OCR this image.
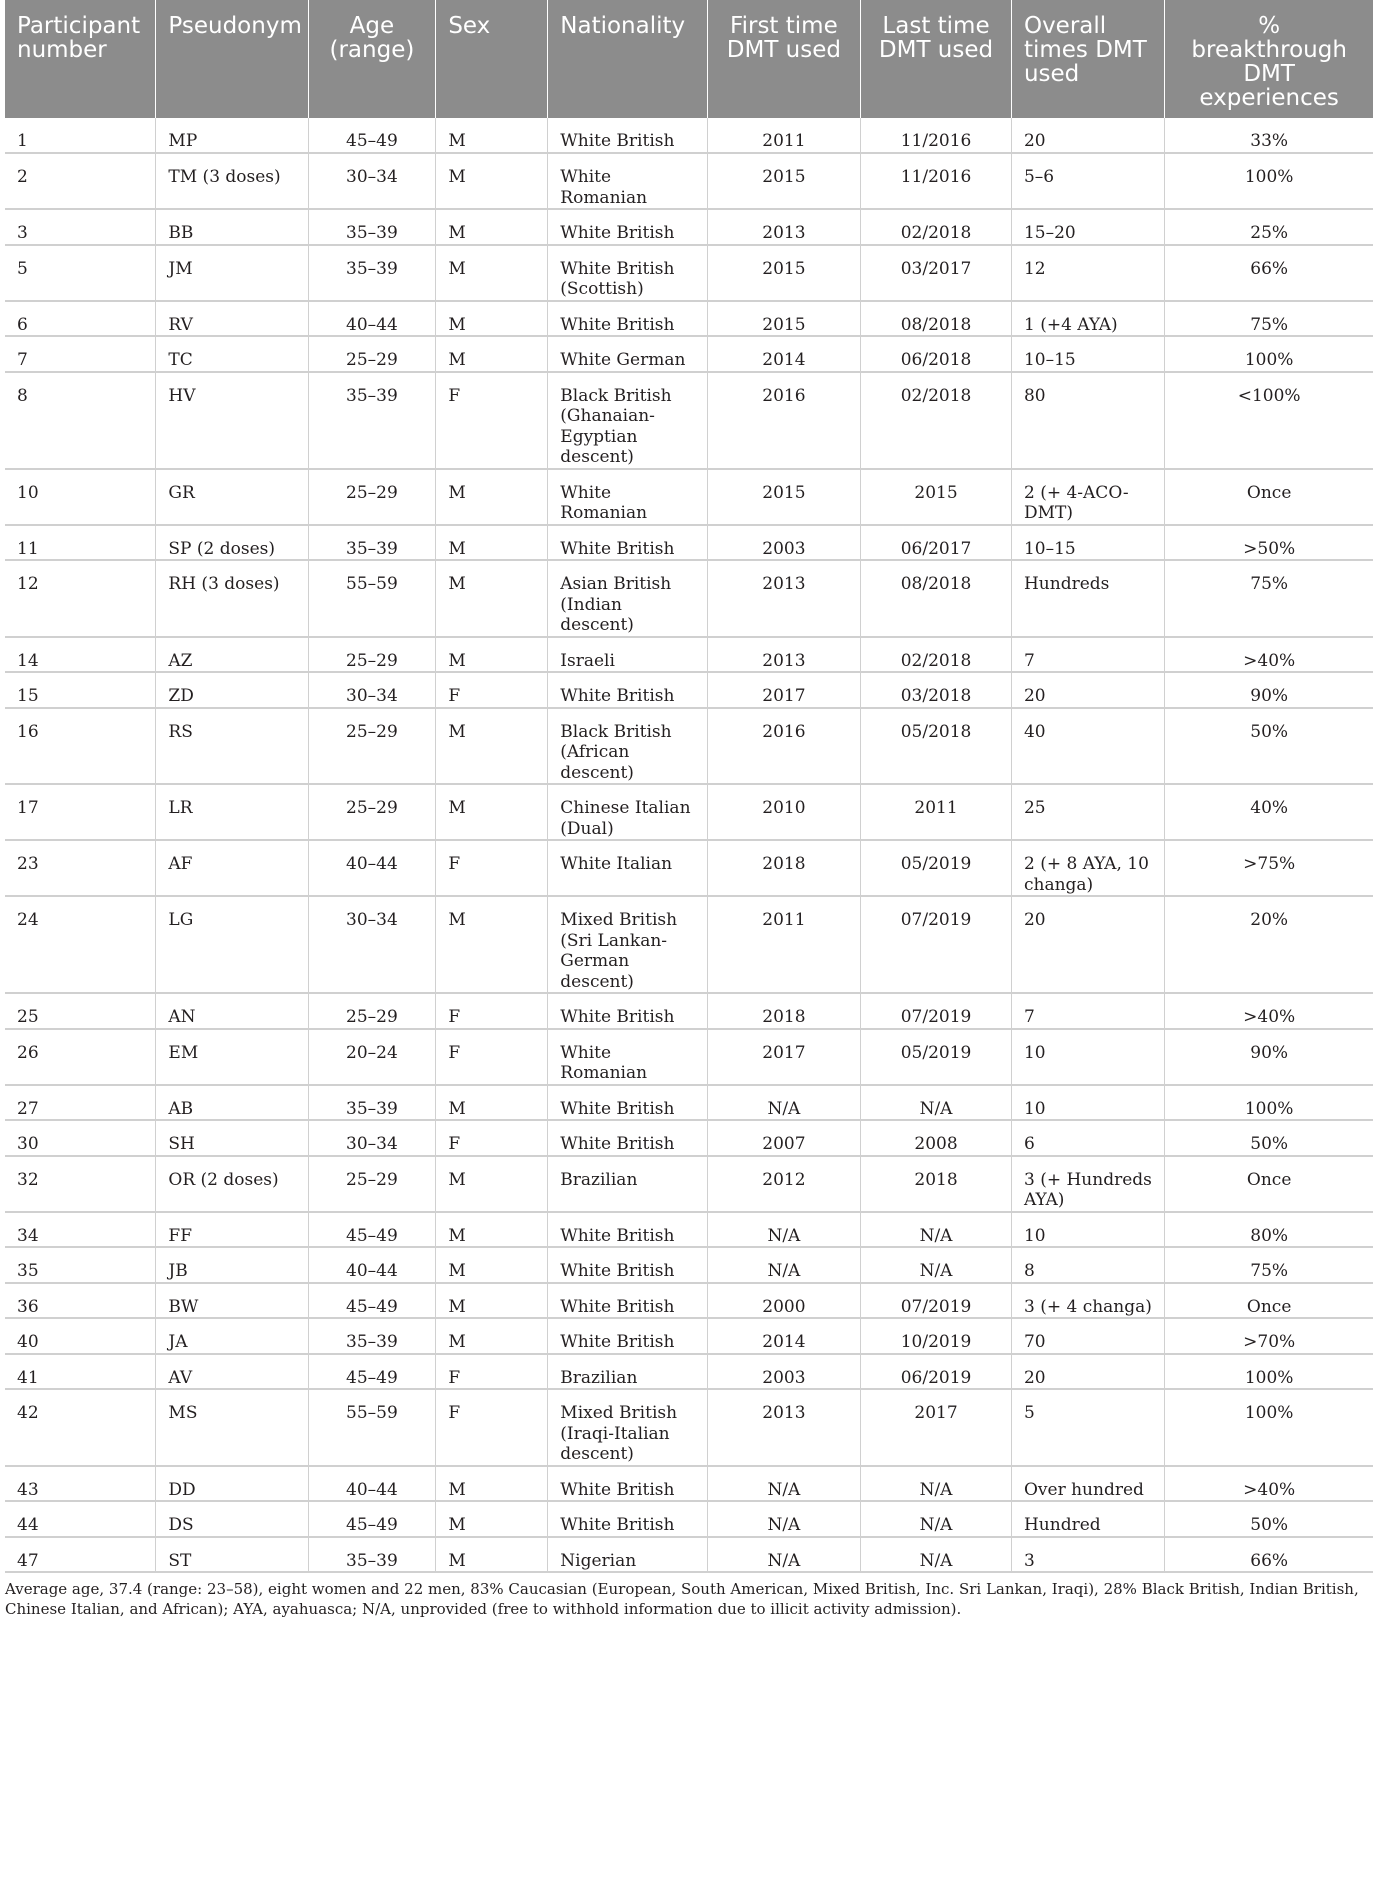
Participant number	Pseudonym	Age (range)	Sex	Nationality	First time DMT used	Last time DMT used	Overall times DMT used	% breakthrough DMT experiences
1	MP	45–49	M	White British	2011	11/2016	20	33%
2	TM (3 doses)	30–34	M	White Romanian	2015	11/2016	5–6	100%
3	BB	35–39	M	White British	2013	02/2018	15–20	25%
5	JM	35–39	M	White British (Scottish)	2015	03/2017	12	66%
6	RV	40–44	M	White British	2015	08/2018	1 (+4 AYA)	75%
7	TC	25–29	M	White German	2014	06/2018	10–15	100%
8	HV	35–39	F	Black British (Ghanaian-Egyptian descent)	2016	02/2018	80	<100%
10	GR	25–29	M	White Romanian	2015	2015	2 (+ 4-ACO-DMT)	Once
11	SP (2 doses)	35–39	M	White British	2003	06/2017	10–15	>50%
12	RH (3 doses)	55–59	M	Asian British (Indian descent)	2013	08/2018	Hundreds	75%
14	AZ	25–29	M	Israeli	2013	02/2018	7	>40%
15	ZD	30–34	F	White British	2017	03/2018	20	90%
16	RS	25–29	M	Black British (African descent)	2016	05/2018	40	50%
17	LR	25–29	M	Chinese Italian (Dual)	2010	2011	25	40%
23	AF	40–44	F	White Italian	2018	05/2019	2 (+ 8 AYA, 10 changa)	>75%
24	LG	30–34	M	Mixed British (Sri Lankan-German descent)	2011	07/2019	20	20%
25	AN	25–29	F	White British	2018	07/2019	7	>40%
26	EM	20–24	F	White Romanian	2017	05/2019	10	90%
27	AB	35–39	M	White British	N/A	N/A	10	100%
30	SH	30–34	F	White British	2007	2008	6	50%
32	OR (2 doses)	25–29	M	Brazilian	2012	2018	3 (+ Hundreds AYA)	Once
34	FF	45–49	M	White British	N/A	N/A	10	80%
35	JB	40–44	M	White British	N/A	N/A	8	75%
36	BW	45–49	M	White British	2000	07/2019	3 (+ 4 changa)	Once
40	JA	35–39	M	White British	2014	10/2019	70	>70%
41	AV	45–49	F	Brazilian	2003	06/2019	20	100%
42	MS	55–59	F	Mixed British (Iraqi-Italian descent)	2013	2017	5	100%
43	DD	40–44	M	White British	N/A	N/A	Over hundred	>40%
44	DS	45–49	M	White British	N/A	N/A	Hundred	50%
47	ST	35–39	M	Nigerian	N/A	N/A	3	66%
Average age, 37.4 (range: 23–58), eight women and 22 men, 83% Caucasian (European, South American, Mixed British, Inc. Sri Lankan, Iraqi), 28% Black British, Indian British, Chinese Italian, and African); AYA, ayahuasca; N/A, unprovided (free to withhold information due to illicit activity admission).
